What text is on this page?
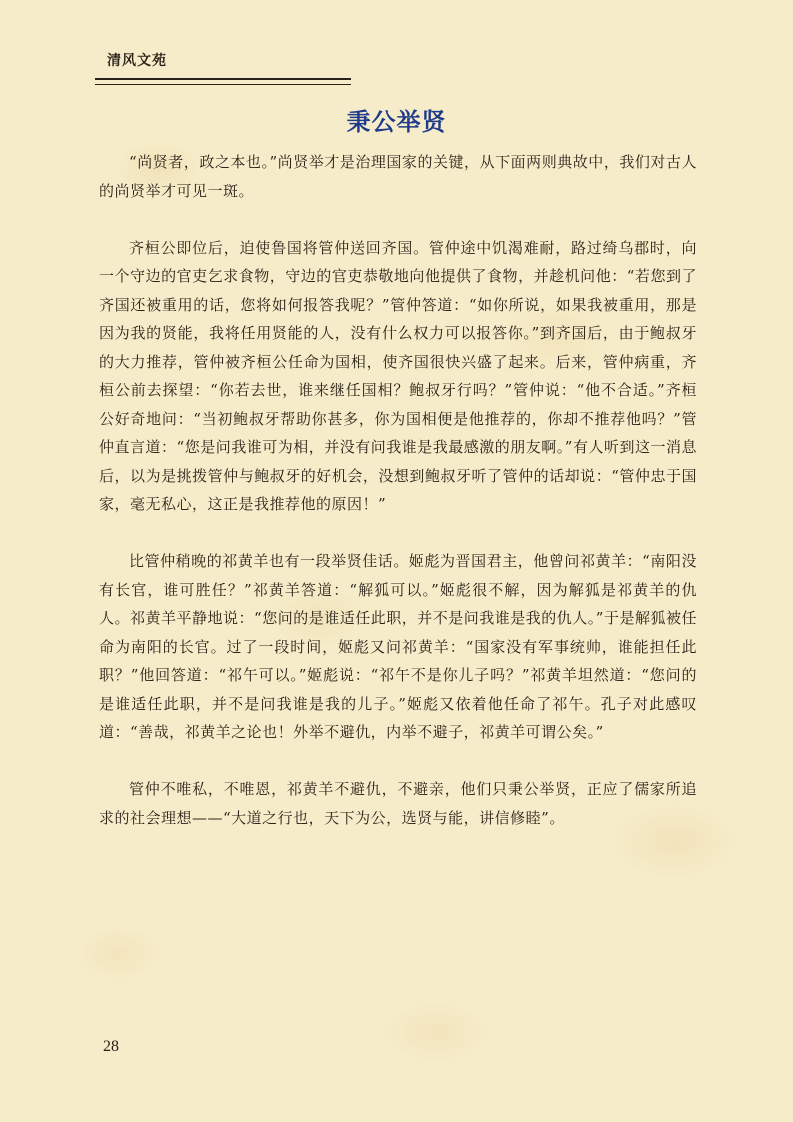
清风文苑
秉公举贤

“尚贤者，政之本也。”尚贤举才是治理国家的关键，从下面两则典故中，我们对古人的尚贤举才可见一斑。

齐桓公即位后，迫使鲁国将管仲送回齐国。管仲途中饥渴难耐，路过绮乌郡时，向一个守边的官吏乞求食物，守边的官吏恭敬地向他提供了食物，并趁机问他：“若您到了齐国还被重用的话，您将如何报答我呢？”管仲答道：“如你所说，如果我被重用，那是因为我的贤能，我将任用贤能的人，没有什么权力可以报答你。”到齐国后，由于鲍叔牙的大力推荐，管仲被齐桓公任命为国相，使齐国很快兴盛了起来。后来，管仲病重，齐桓公前去探望：“你若去世，谁来继任国相？鲍叔牙行吗？”管仲说：“他不合适。”齐桓公好奇地问：“当初鲍叔牙帮助你甚多，你为国相便是他推荐的，你却不推荐他吗？”管仲直言道：“您是问我谁可为相，并没有问我谁是我最感激的朋友啊。”有人听到这一消息后，以为是挑拨管仲与鲍叔牙的好机会，没想到鲍叔牙听了管仲的话却说：“管仲忠于国家，毫无私心，这正是我推荐他的原因！”

比管仲稍晚的祁黄羊也有一段举贤佳话。姬彪为晋国君主，他曾问祁黄羊：“南阳没有长官，谁可胜任？”祁黄羊答道：“解狐可以。”姬彪很不解，因为解狐是祁黄羊的仇人。祁黄羊平静地说：“您问的是谁适任此职，并不是问我谁是我的仇人。”于是解狐被任命为南阳的长官。过了一段时间，姬彪又问祁黄羊：“国家没有军事统帅，谁能担任此职？”他回答道：“祁午可以。”姬彪说：“祁午不是你儿子吗？”祁黄羊坦然道：“您问的是谁适任此职，并不是问我谁是我的儿子。”姬彪又依着他任命了祁午。孔子对此感叹道：“善哉，祁黄羊之论也！外举不避仇，内举不避子，祁黄羊可谓公矣。”

管仲不唯私，不唯恩，祁黄羊不避仇，不避亲，他们只秉公举贤，正应了儒家所追求的社会理想——“大道之行也，天下为公，选贤与能，讲信修睦”。

28
